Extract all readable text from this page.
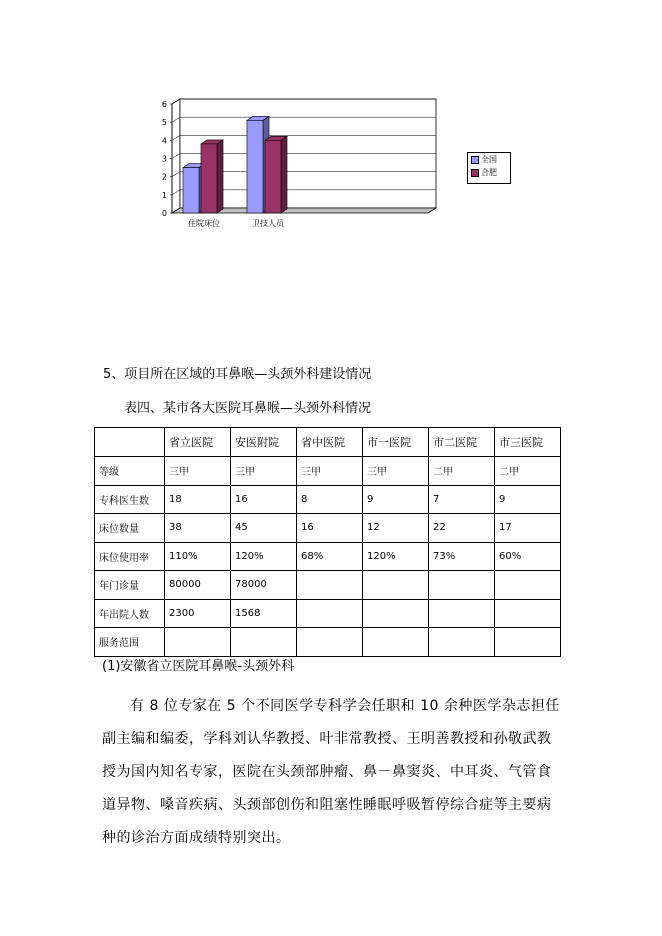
0
1
2
3
4
5
6
住院床位	卫技人员
全国
合肥
5、项目所在区域的耳鼻喉—头颈外科建设情况
表四、某市各大医院耳鼻喉—头颈外科情况
	省立医院	安医附院	省中医院	市一医院	市二医院	市三医院
等级	三甲	三甲	三甲	三甲	二甲	二甲
专科医生数	18	16	8	9	7	9
床位数量	38	45	16	12	22	17
床位使用率	110%	120%	68%	120%	73%	60%
年门诊量	80000	78000				
年出院人数	2300	1568				
服务范围						
(1)安徽省立医院耳鼻喉-头颈外科

有 8 位专家在 5 个不同医学专科学会任职和 10 余种医学杂志担任副主编和编委，学科刘认华教授、叶非常教授、王明善教授和孙敬武教授为国内知名专家，医院在头颈部肿瘤、鼻－鼻窦炎、中耳炎、气管食道异物、嗓音疾病、头颈部创伤和阻塞性睡眠呼吸暂停综合症等主要病种的诊治方面成绩特别突出。
